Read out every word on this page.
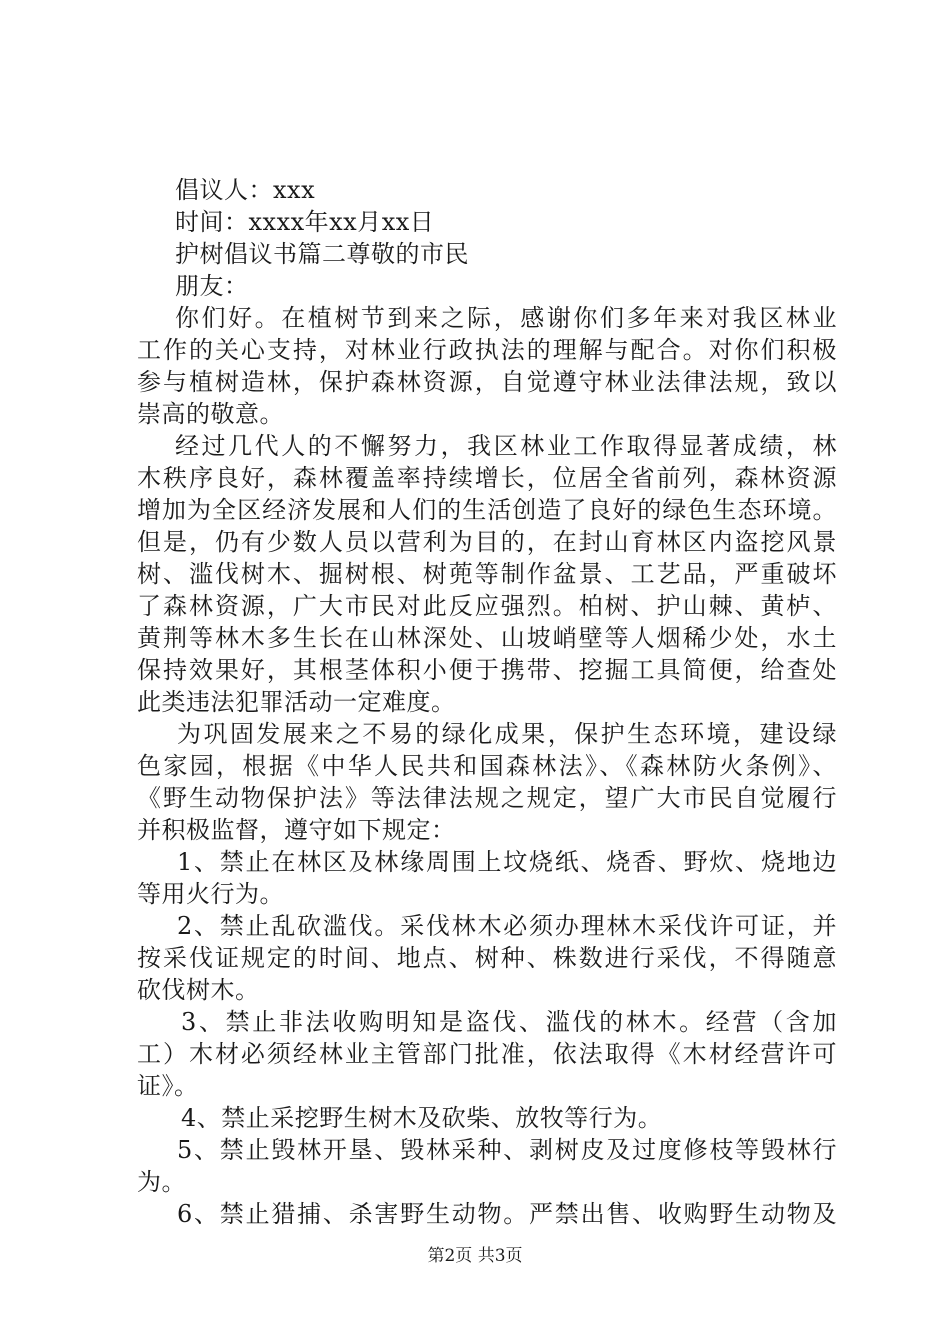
倡议人：xxx
时间：xxxx年xx月xx日
护树倡议书篇二尊敬的市民
朋友：
你们好。在植树节到来之际，感谢你们多年来对我区林业
工作的关心支持，对林业行政执法的理解与配合。对你们积极
参与植树造林，保护森林资源，自觉遵守林业法律法规，致以
崇高的敬意。
经过几代人的不懈努力，我区林业工作取得显著成绩，林
木秩序良好，森林覆盖率持续增长，位居全省前列，森林资源
增加为全区经济发展和人们的生活创造了良好的绿色生态环境。
但是，仍有少数人员以营利为目的，在封山育林区内盗挖风景
树、滥伐树木、掘树根、树蔸等制作盆景、工艺品，严重破坏
了森林资源，广大市民对此反应强烈。柏树、护山棘、黄栌、
黄荆等林木多生长在山林深处、山坡峭壁等人烟稀少处，水土
保持效果好，其根茎体积小便于携带、挖掘工具简便，给查处
此类违法犯罪活动一定难度。
为巩固发展来之不易的绿化成果，保护生态环境，建设绿
色家园，根据《中华人民共和国森林法》、《森林防火条例》、
《野生动物保护法》等法律法规之规定，望广大市民自觉履行
并积极监督，遵守如下规定：
1、禁止在林区及林缘周围上坟烧纸、烧香、野炊、烧地边
等用火行为。
2、禁止乱砍滥伐。采伐林木必须办理林木采伐许可证，并
按采伐证规定的时间、地点、树种、株数进行采伐，不得随意
砍伐树木。
3、禁止非法收购明知是盗伐、滥伐的林木。经营（含加
工）木材必须经林业主管部门批准，依法取得《木材经营许可
证》。
4、禁止采挖野生树木及砍柴、放牧等行为。
5、禁止毁林开垦、毁林采种、剥树皮及过度修枝等毁林行
为。
6、禁止猎捕、杀害野生动物。严禁出售、收购野生动物及
第2页 共3页
